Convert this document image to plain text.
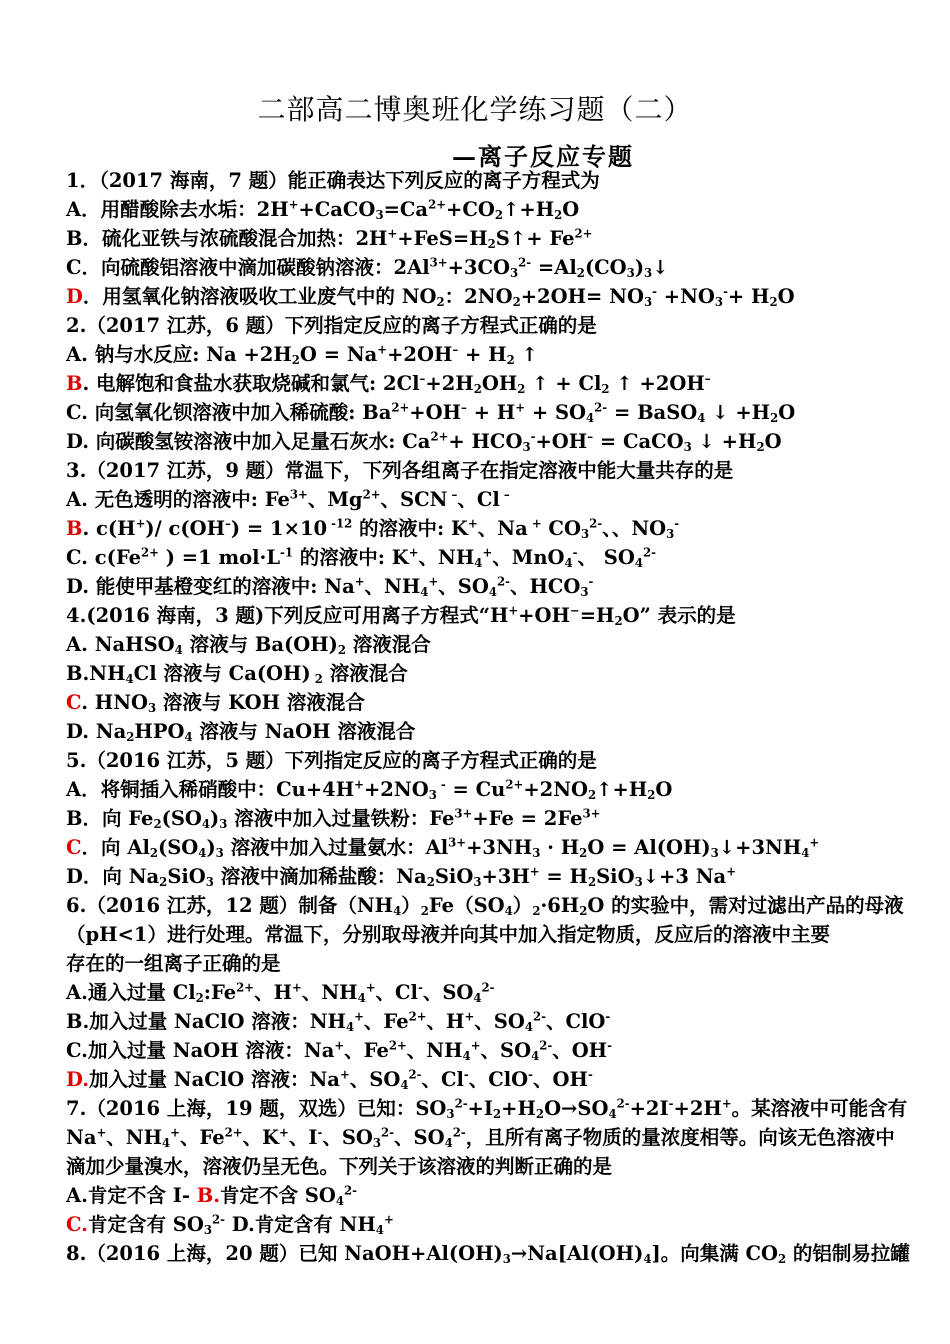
二部高二博奥班化学练习题（二）
—离子反应专题
1．（2017 海南，7 题）能正确表达下列反应的离子方程式为
A．用醋酸除去水垢：$2H^++CaCO_3=Ca^{2+}+CO_2↑+H_2O$
B．硫化亚铁与浓硫酸混合加热：$2H^++FeS=H_2S↑+ Fe^{2+}$
C．向硫酸铝溶液中滴加碳酸钠溶液：$2Al^{3+}+3CO_3^{2-}$ $=Al_2(CO_3)_3↓$
D．用氢氧化钠溶液吸收工业废气中的 $NO_2$：$2NO_2+2OH= NO_3^- +NO_3^-+ H_2O$
2.（2017 江苏，6 题）下列指定反应的离子方程式正确的是
A. 钠与水反应: $Na +2H_2O = Na^++2OH^- + H_2$ ↑
B. 电解饱和食盐水获取烧碱和氯气: $2Cl^-+2H_2OH_2$ ↑ + $Cl_2$ ↑ +2OH–
C. 向氢氧化钡溶液中加入稀硫酸: $Ba^{2+}+OH^- + H^+ + SO_4^{2-}$ = BaSO$_4$ ↓ $+H_2O$
D. 向碳酸氢铵溶液中加入足量石灰水: $Ca^{2+}+ HCO_3^-+OH^-$ = CaCO$_3$ ↓ $+H_2O$
3.（2017 江苏，9 题）常温下，下列各组离子在指定溶液中能大量共存的是
A. 无色透明的溶液中: $Fe^{3+}$、$Mg^{2+}$、SCN –、Cl –
B. c(H+)/ c(OH–) = 1×10 $^{-12}$ 的溶液中: K+、Na + $CO_3^{2-}$、、$NO_3^-$
C. $c(Fe^{2+}$ ) =1 $mol\cdot L^{-1}$ 的溶液中: K+、$NH_4^+$、MnO$_4$-、 $SO_4^{2-}$
D. 能使甲基橙变红的溶液中: Na+、$NH_4^+$、$SO_4^{2-}$、$HCO_3^-$
4.(2016 海南，3 题)下列反应可用离子方程式“$H^++OH^-=H_2O$” 表示的是
A. NaHSO$_4$ 溶液与 $Ba(OH)_2$ 溶液混合
$B.NH_4Cl$ 溶液与 Ca(OH) $_2$ 溶液混合
C. $HNO_3$ 溶液与 KOH 溶液混合
D. $Na_2HPO_4$ 溶液与 NaOH 溶液混合
5.（2016 江苏，5 题）下列指定反应的离子方程式正确的是
A．将铜插入稀硝酸中：$Cu+4H^++2NO_3$ $^- = Cu^{2+}+2NO_2↑+H_2O$
B．向 $Fe_2(SO_4)_3$ 溶液中加入过量铁粉：$Fe^{3+}+Fe = 2Fe^{3+}$
C．向 $Al_2(SO_4)_3$ 溶液中加入过量氨水：$Al^{3+}+3NH_3 \cdot H_2O$ = $Al(OH)_3↓+3NH_4^+$
D．向 $Na_2SiO_3$ 溶液中滴加稀盐酸：$Na_2SiO_3+3H^+$ = $H_2SiO_3↓+3$ Na+
6.（2016 江苏，12 题）制备$(NH_4)_2Fe(SO_4)_2\cdot 6H_2O$ 的实验中，需对过滤出产品的母液
（pH<1）进行处理。常温下，分别取母液并向其中加入指定物质，反应后的溶液中主要
存在的一组离子正确的是
A.通入过量 $Cl_2:Fe^{2+}$、H+、$NH_4^+$、Cl-、$SO_4^{2-}$
B.加入过量 NaClO 溶液：$NH_4^+$、$Fe^{2+}$、H+、$SO_4^{2-}$、ClO-
C.加入过量 NaOH 溶液：Na+、$Fe^{2+}$、$NH_4^+$、$SO_4^{2-}$、OH-
D.加入过量 NaClO 溶液：Na+、$SO_4^{2-}$、Cl-、ClO-、OH-
7.（2016 上海，19 题，双选）已知：$SO_3^{2-}+I_2+H_2O\to SO_4^{2-}+2I^-+2H^+$。某溶液中可能含有
Na+、$NH_4^+$、$Fe^{2+}$、K+、I-、$SO_3^{2-}$、$SO_4^{2-}$，且所有离子物质的量浓度相等。向该无色溶液中
滴加少量溴水，溶液仍呈无色。下列关于该溶液的判断正确的是
A.肯定不含 I- B.肯定不含 $SO_4^{2-}$
C.肯定含有 $SO_3^{2-}$ D.肯定含有 $NH_4^+$
8.（2016 上海，20 题）已知 $NaOH+Al(OH)_3\to Na[Al(OH)_4]$。向集满 $CO_2$ 的铝制易拉罐
